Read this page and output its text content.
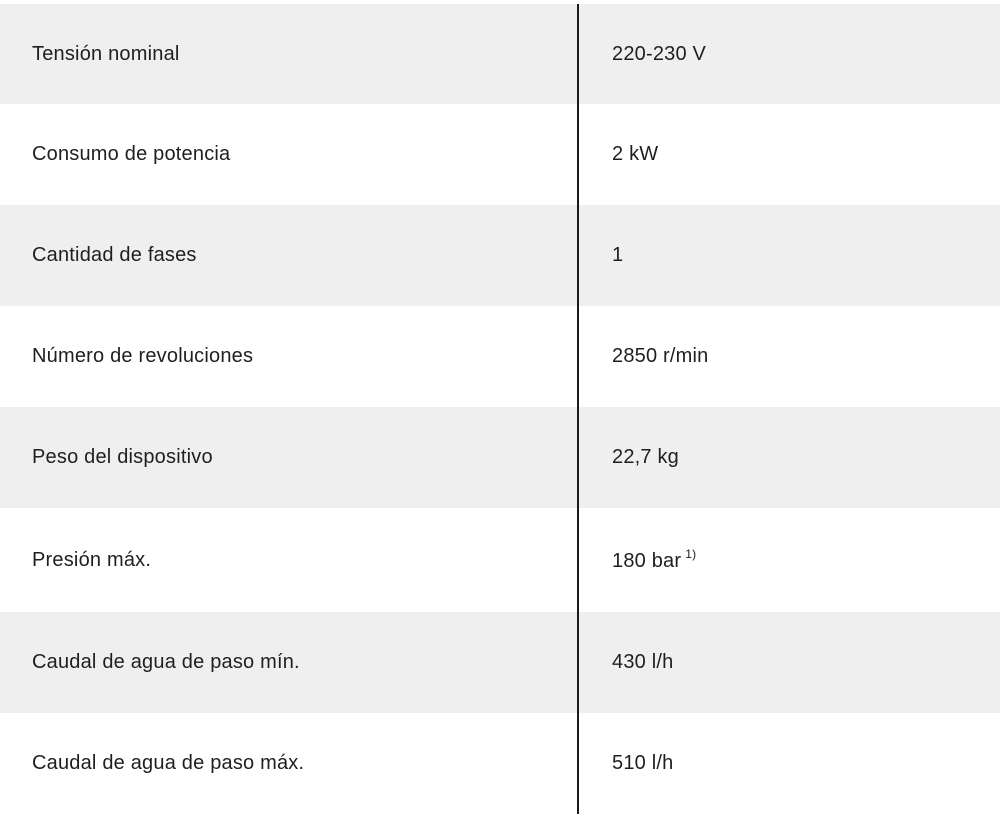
Tensión nominal	220-230 V
Consumo de potencia	2 kW
Cantidad de fases	1
Número de revoluciones	2850 r/min
Peso del dispositivo	22,7 kg
Presión máx.	180 bar $^{1)}$
Caudal de agua de paso mín.	430 l/h
Caudal de agua de paso máx.	510 l/h
